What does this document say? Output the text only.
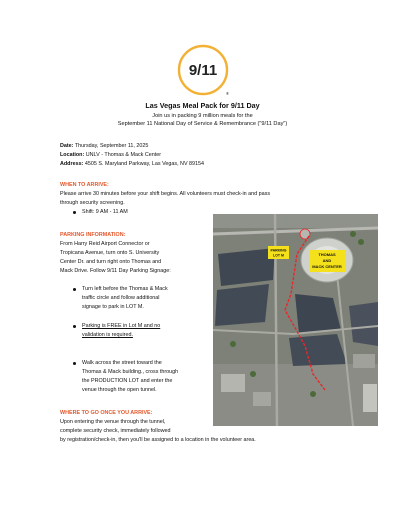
9/11
®
Las Vegas Meal Pack for 9/11 Day
Join us in packing 9 million meals for the
September 11 National Day of Service & Remembrance ("9/11 Day")
Date: Thursday, September 11, 2025
Location: UNLV - Thomas & Mack Center
Address: 4505 S. Maryland Parkway, Las Vegas, NV 89154
WHEN TO ARRIVE:
Please arrive 30 minutes before your shift begins. All volunteers must check-in and pass
through security screening.
Shift: 9 AM - 11 AM
PARKING INFORMATION:
From Harry Reid Airport Connector or
Tropicana Avenue, turn onto S. University
Center Dr. and turn right onto Thomas and
Mack Drive. Follow 9/11 Day Parking Signage:
Turn left before the Thomas & Mack
traffic circle and follow additional
signage to park in LOT M.
Parking is FREE in Lot M and no
validation is required.
Walk across the street toward the
Thomas & Mack building., cross through
the PRODUCTION LOT and enter the
venue through the open tunnel.
WHERE TO GO ONCE YOU ARRIVE:
Upon entering the venue through the tunnel,
complete security check, immediately followed
by registration/check-in, then you'll be assigned to a location in the volunteer area.
PARKING
LOT M	THOMAS
AND
MACK CENTER
